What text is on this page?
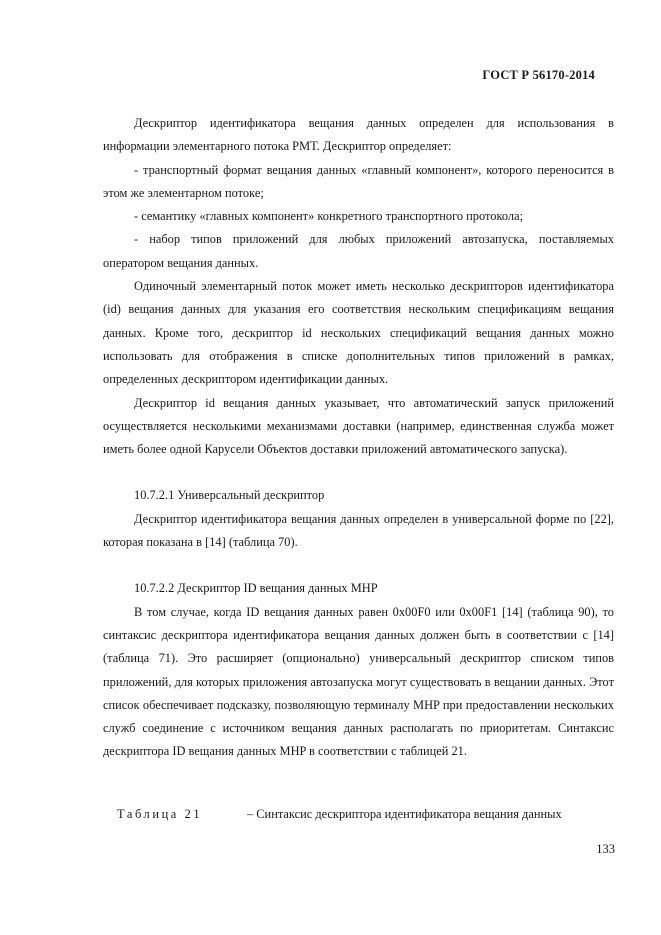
ГОСТ Р 56170-2014

Дескриптор идентификатора вещания данных определен для использования в информации элементарного потока PMT. Дескриптор определяет:

- транспортный формат вещания данных «главный компонент», которого переносится в этом же элементарном потоке;

- семантику «главных компонент» конкретного транспортного протокола;

- набор типов приложений для любых приложений автозапуска, поставляемых оператором вещания данных.

Одиночный элементарный поток может иметь несколько дескрипторов идентификатора (id) вещания данных для указания его соответствия нескольким спецификациям вещания данных. Кроме того, дескриптор id нескольких спецификаций вещания данных можно использовать для отображения в списке дополнительных типов приложений в рамках, определенных дескриптором идентификации данных.

Дескриптор id вещания данных указывает, что автоматический запуск приложений осуществляется несколькими механизмами доставки (например, единственная служба может иметь более одной Карусели Объектов доставки приложений автоматического запуска).

10.7.2.1 Универсальный дескриптор

Дескриптор идентификатора вещания данных определен в универсальной форме по [22], которая показана в [14] (таблица 70).

10.7.2.2 Дескриптор ID вещания данных MHP

В том случае, когда ID вещания данных равен 0x00F0 или 0x00F1 [14] (таблица 90), то синтаксис дескриптора идентификатора вещания данных должен быть в соответствии с [14] (таблица 71). Это расширяет (опционально) универсальный дескриптор списком типов приложений, для которых приложения автозапуска могут существовать в вещании данных. Этот список обеспечивает подсказку, позволяющую терминалу MHP при предоставлении нескольких служб соединение с источником вещания данных располагать по приоритетам. Синтаксис дескриптора ID вещания данных MHP в соответствии с таблицей 21.

Таблица 21	– Синтаксис дескриптора идентификатора вещания данных
133
